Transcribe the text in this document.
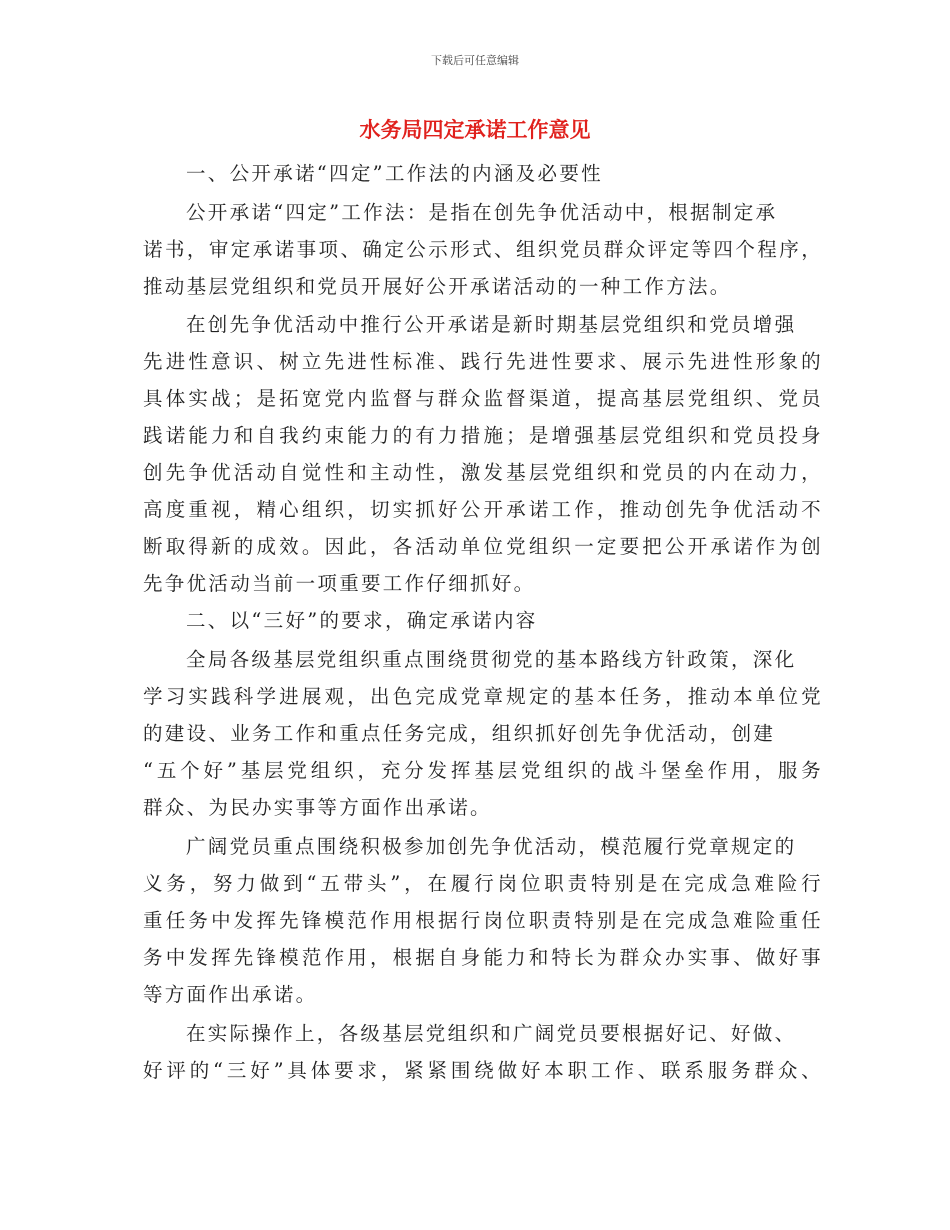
下载后可任意编辑
水务局四定承诺工作意见
一、公开承诺“四定”工作法的内涵及必要性
公开承诺“四定”工作法：是指在创先争优活动中，根据制定承
诺书，审定承诺事项、确定公示形式、组织党员群众评定等四个程序，
推动基层党组织和党员开展好公开承诺活动的一种工作方法。
在创先争优活动中推行公开承诺是新时期基层党组织和党员增强
先进性意识、树立先进性标准、践行先进性要求、展示先进性形象的
具体实战；是拓宽党内监督与群众监督渠道，提高基层党组织、党员
践诺能力和自我约束能力的有力措施；是增强基层党组织和党员投身
创先争优活动自觉性和主动性，激发基层党组织和党员的内在动力，
高度重视，精心组织，切实抓好公开承诺工作，推动创先争优活动不
断取得新的成效。因此，各活动单位党组织一定要把公开承诺作为创
先争优活动当前一项重要工作仔细抓好。
二、以“三好”的要求，确定承诺内容
全局各级基层党组织重点围绕贯彻党的基本路线方针政策，深化
学习实践科学进展观，出色完成党章规定的基本任务，推动本单位党
的建设、业务工作和重点任务完成，组织抓好创先争优活动，创建
“五个好”基层党组织，充分发挥基层党组织的战斗堡垒作用，服务
群众、为民办实事等方面作出承诺。
广阔党员重点围绕积极参加创先争优活动，模范履行党章规定的
义务，努力做到“五带头”，在履行岗位职责特别是在完成急难险行
重任务中发挥先锋模范作用根据行岗位职责特别是在完成急难险重任
务中发挥先锋模范作用，根据自身能力和特长为群众办实事、做好事
等方面作出承诺。
在实际操作上，各级基层党组织和广阔党员要根据好记、好做、
好评的“三好”具体要求，紧紧围绕做好本职工作、联系服务群众、
